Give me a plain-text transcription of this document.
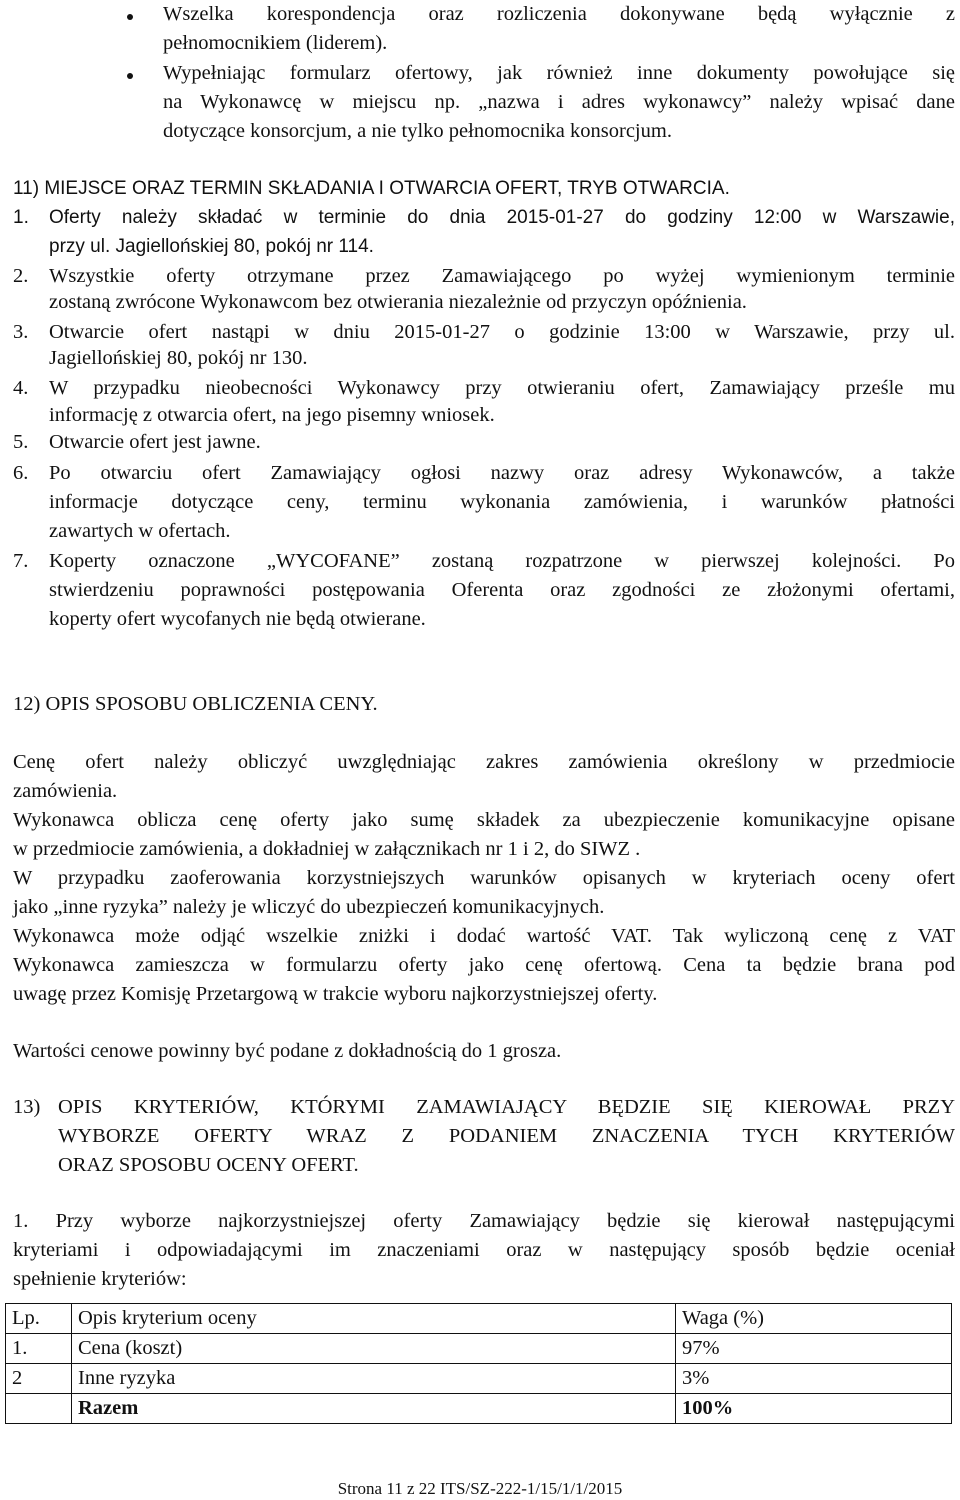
Wszelka korespondencja oraz rozliczenia dokonywane będą wyłącznie z
pełnomocnikiem (liderem).
Wypełniając formularz ofertowy, jak również inne dokumenty powołujące się
na Wykonawcę w miejscu np. „nazwa i adres wykonawcy” należy wpisać dane
dotyczące konsorcjum, a nie tylko pełnomocnika konsorcjum.
11) MIEJSCE ORAZ TERMIN SKŁADANIA I OTWARCIA OFERT, TRYB OTWARCIA.
1. Oferty należy składać w terminie do dnia 2015-01-27 do godziny 12:00 w Warszawie,
przy ul. Jagiellońskiej 80, pokój nr 114.
2. Wszystkie oferty otrzymane przez Zamawiającego po wyżej wymienionym terminie
zostaną zwrócone Wykonawcom bez otwierania niezależnie od przyczyn opóźnienia.
3. Otwarcie ofert nastąpi w dniu 2015-01-27 o godzinie 13:00 w Warszawie, przy ul.
Jagiellońskiej 80, pokój nr 130.
4. W przypadku nieobecności Wykonawcy przy otwieraniu ofert, Zamawiający prześle mu
informację z otwarcia ofert, na jego pisemny wniosek.
5. Otwarcie ofert jest jawne.
6. Po otwarciu ofert Zamawiający ogłosi nazwy oraz adresy Wykonawców, a także
informacje dotyczące ceny, terminu wykonania zamówienia, i warunków płatności
zawartych w ofertach.
7. Koperty oznaczone „WYCOFANE” zostaną rozpatrzone w pierwszej kolejności. Po
stwierdzeniu poprawności postępowania Oferenta oraz zgodności ze złożonymi ofertami,
koperty ofert wycofanych nie będą otwierane.
12) OPIS SPOSOBU OBLICZENIA CENY.
Cenę ofert należy obliczyć uwzględniając zakres zamówienia określony w przedmiocie
zamówienia.
Wykonawca oblicza cenę oferty jako sumę składek za ubezpieczenie komunikacyjne opisane
w przedmiocie zamówienia, a dokładniej w załącznikach nr 1 i 2, do SIWZ .
W przypadku zaoferowania korzystniejszych warunków opisanych w kryteriach oceny ofert
jako „inne ryzyka” należy je wliczyć do ubezpieczeń komunikacyjnych.
Wykonawca może odjąć wszelkie zniżki i dodać wartość VAT. Tak wyliczoną cenę z VAT
Wykonawca zamieszcza w formularzu oferty jako cenę ofertową. Cena ta będzie brana pod
uwagę przez Komisję Przetargową w trakcie wyboru najkorzystniejszej oferty.
Wartości cenowe powinny być podane z dokładnością do 1 grosza.
13) OPIS KRYTERIÓW, KTÓRYMI ZAMAWIAJĄCY BĘDZIE SIĘ KIEROWAŁ PRZY
WYBORZE OFERTY WRAZ Z PODANIEM ZNACZENIA TYCH KRYTERIÓW
ORAZ SPOSOBU OCENY OFERT.
1. Przy wyborze najkorzystniejszej oferty Zamawiający będzie się kierował następującymi
kryteriami i odpowiadającymi im znaczeniami oraz w następujący sposób będzie oceniał
spełnienie kryteriów:
Lp.	Opis kryterium oceny	Waga (%)
1.	Cena (koszt)	97%
2	Inne ryzyka	3%
	Razem	100%
Strona 11 z 22 ITS/SZ-222-1/15/1/1/2015
